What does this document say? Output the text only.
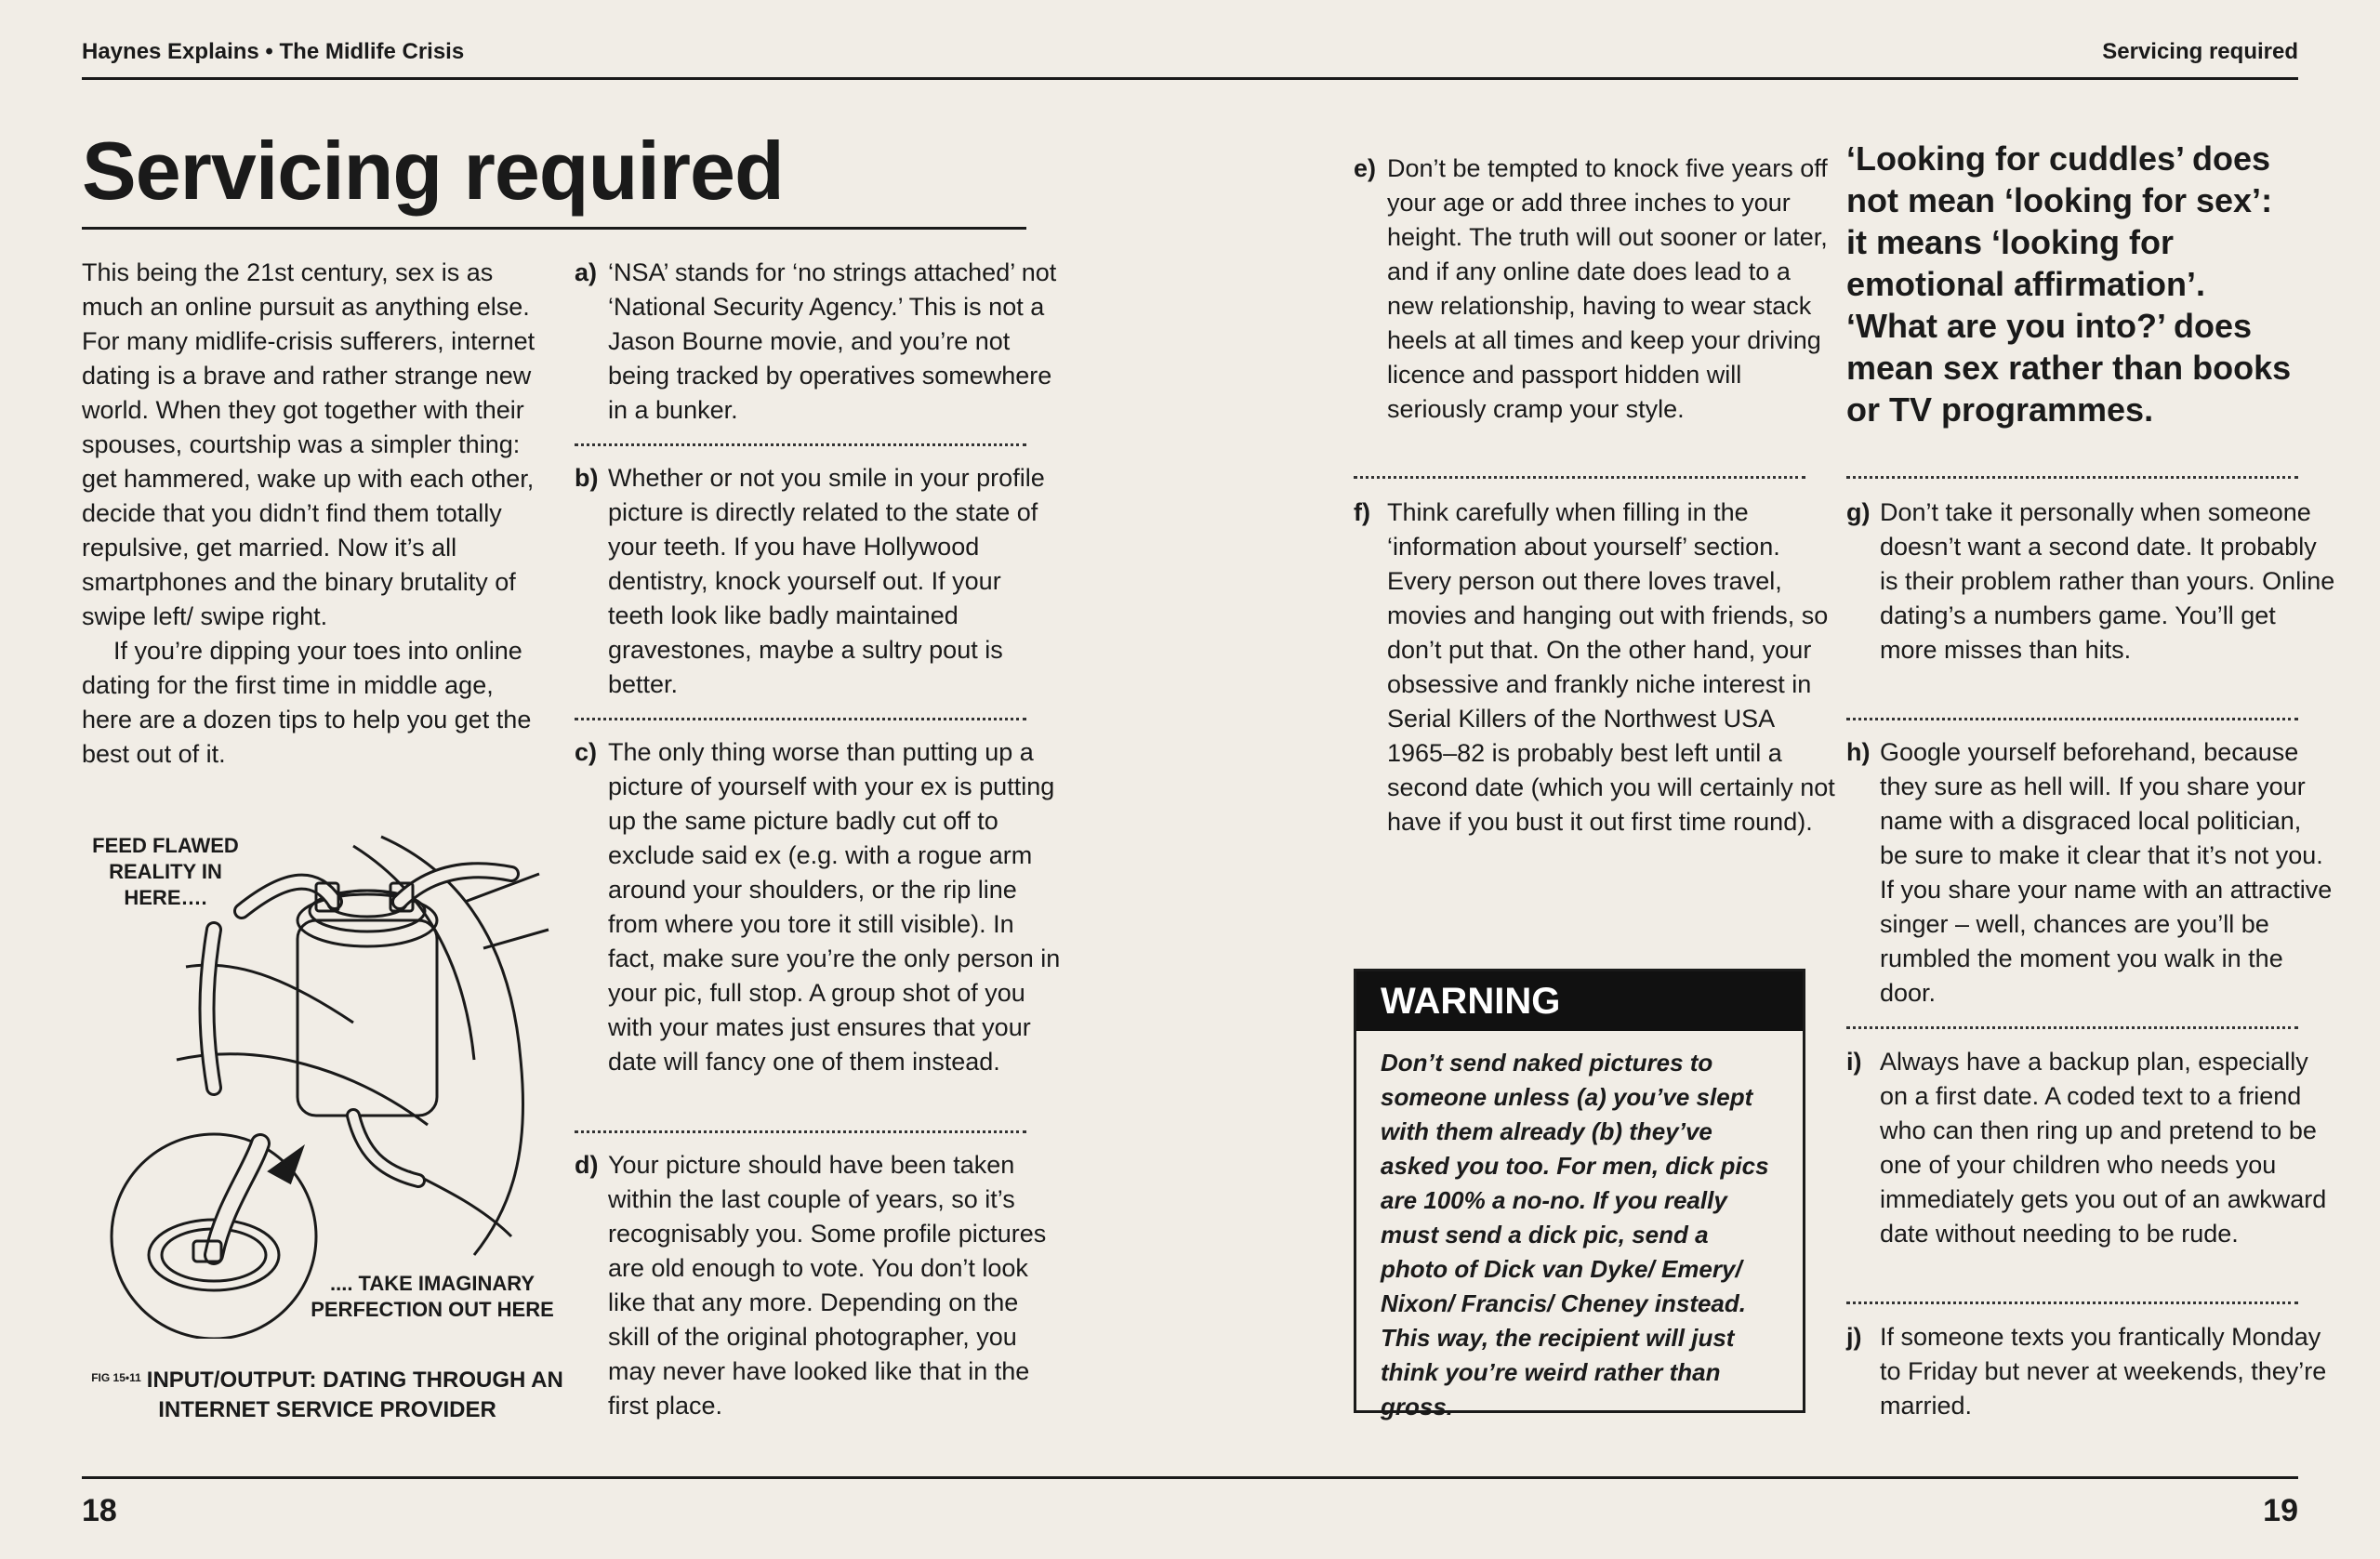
Haynes Explains • The Midlife Crisis	Servicing required
Servicing required

This being the 21st century, sex is as much an online pursuit as anything else. For many midlife-crisis sufferers, internet dating is a brave and rather strange new world. When they got together with their spouses, courtship was a simpler thing: get hammered, wake up with each other, decide that you didn’t find them totally repulsive, get married. Now it’s all smartphones and the binary brutality of swipe left/ swipe right.

If you’re dipping your toes into online dating for the first time in middle age, here are a dozen tips to help you get the best out of it.

FEED FLAWED REALITY IN HERE….
.... TAKE IMAGINARY PERFECTION OUT HERE
$^{FIG 15•11}$ INPUT/OUTPUT: DATING THROUGH AN INTERNET SERVICE PROVIDER
a) ‘NSA’ stands for ‘no strings attached’ not ‘National Security Agency.’ This is not a Jason Bourne movie, and you’re not being tracked by operatives somewhere in a bunker.
b) Whether or not you smile in your profile picture is directly related to the state of your teeth. If you have Hollywood dentistry, knock yourself out. If your teeth look like badly maintained gravestones, maybe a sultry pout is better.
c) The only thing worse than putting up a picture of yourself with your ex is putting up the same picture badly cut off to exclude said ex (e.g. with a rogue arm around your shoulders, or the rip line from where you tore it still visible). In fact, make sure you’re the only person in your pic, full stop. A group shot of you with your mates just ensures that your date will fancy one of them instead.
d) Your picture should have been taken within the last couple of years, so it’s recognisably you. Some profile pictures are old enough to vote. You don’t look like that any more. Depending on the skill of the original photographer, you may never have looked like that in the first place.
e) Don’t be tempted to knock five years off your age or add three inches to your height. The truth will out sooner or later, and if any online date does lead to a new relationship, having to wear stack heels at all times and keep your driving licence and passport hidden will seriously cramp your style.
f) Think carefully when filling in the ‘information about yourself’ section. Every person out there loves travel, movies and hanging out with friends, so don’t put that. On the other hand, your obsessive and frankly niche interest in Serial Killers of the Northwest USA 1965–82 is probably best left until a second date (which you will certainly not have if you bust it out first time round).
WARNING
Don’t send naked pictures to someone unless (a) you’ve slept with them already (b) they’ve asked you too. For men, dick pics are 100% a no-no. If you really must send a dick pic, send a photo of Dick van Dyke/ Emery/ Nixon/ Francis/ Cheney instead. This way, the recipient will just think you’re weird rather than gross.
‘Looking for cuddles’ does not mean ‘looking for sex’: it means ‘looking for emotional affirmation’. ‘What are you into?’ does mean sex rather than books or TV programmes.
g) Don’t take it personally when someone doesn’t want a second date. It probably is their problem rather than yours. Online dating’s a numbers game. You’ll get more misses than hits.
h) Google yourself beforehand, because they sure as hell will. If you share your name with a disgraced local politician, be sure to make it clear that it’s not you. If you share your name with an attractive singer – well, chances are you’ll be rumbled the moment you walk in the door.
i) Always have a backup plan, especially on a first date. A coded text to a friend who can then ring up and pretend to be one of your children who needs you immediately gets you out of an awkward date without needing to be rude.
j) If someone texts you frantically Monday to Friday but never at weekends, they’re married.
18	19
